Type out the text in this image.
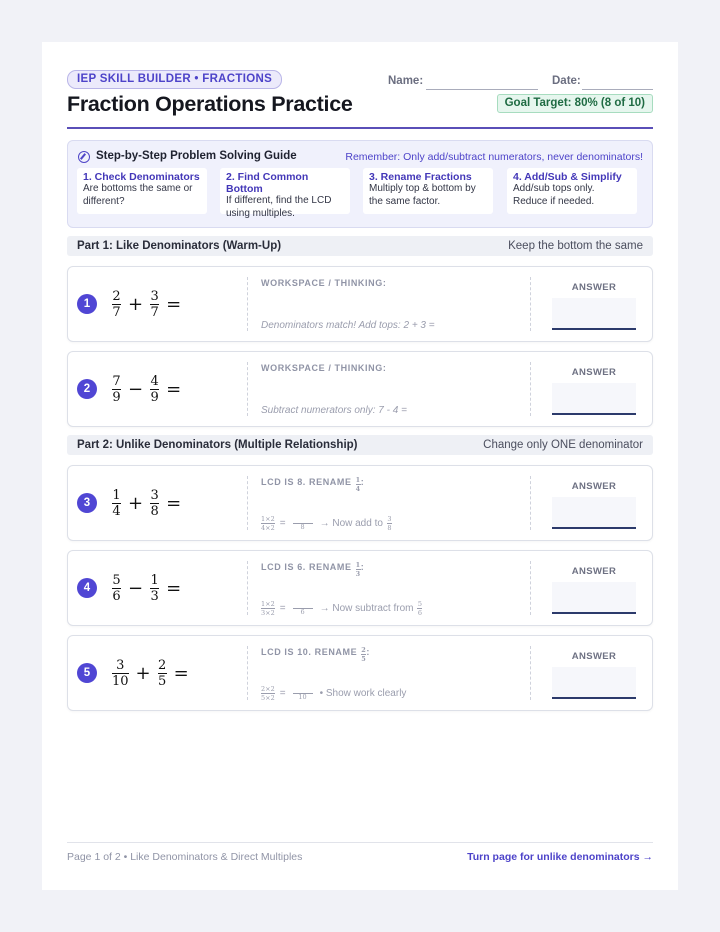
IEP SKILL BUILDER • FRACTIONS
Fraction Operations Practice
Name:	Date:
Goal Target: 80% (8 of 10)
Step-by-Step Problem Solving Guide	Remember: Only add/subtract numerators, never denominators!
1. Check Denominators
Are bottoms the same or different?
2. Find Common Bottom
If different, find the LCD using multiples.
3. Rename Fractions
Multiply top & bottom by the same factor.
4. Add/Sub & Simplify
Add/sub tops only. Reduce if needed.
Part 1: Like Denominators (Warm-Up)	Keep the bottom the same
1	$\frac{2}{7} + \frac{3}{7}$ =
WORKSPACE / THINKING:
Denominators match! Add tops: 2 + 3 =
ANSWER
2	$\frac{7}{9} - \frac{4}{9}$ =
WORKSPACE / THINKING:
Subtract numerators only: 7 - 4 =
ANSWER
Part 2: Unlike Denominators (Multiple Relationship)	Change only ONE denominator
3	$\frac{1}{4} + \frac{3}{8}$ =
LCD IS 8. RENAME 1
4
:
1×2
4×2 = 8 → Now add to 3
8
ANSWER
4	$\frac{5}{6} - \frac{1}{3}$ =
LCD IS 6. RENAME 1
3
:
1×2
3×2 = 6 → Now subtract from 5
6
ANSWER
5	$\frac{3}{10} + \frac{2}{5}$ =
LCD IS 10. RENAME 2
5
:
2×2
5×2 = 10 • Show work clearly
ANSWER
Page 1 of 2 • Like Denominators & Direct Multiples	Turn page for unlike denominators →
